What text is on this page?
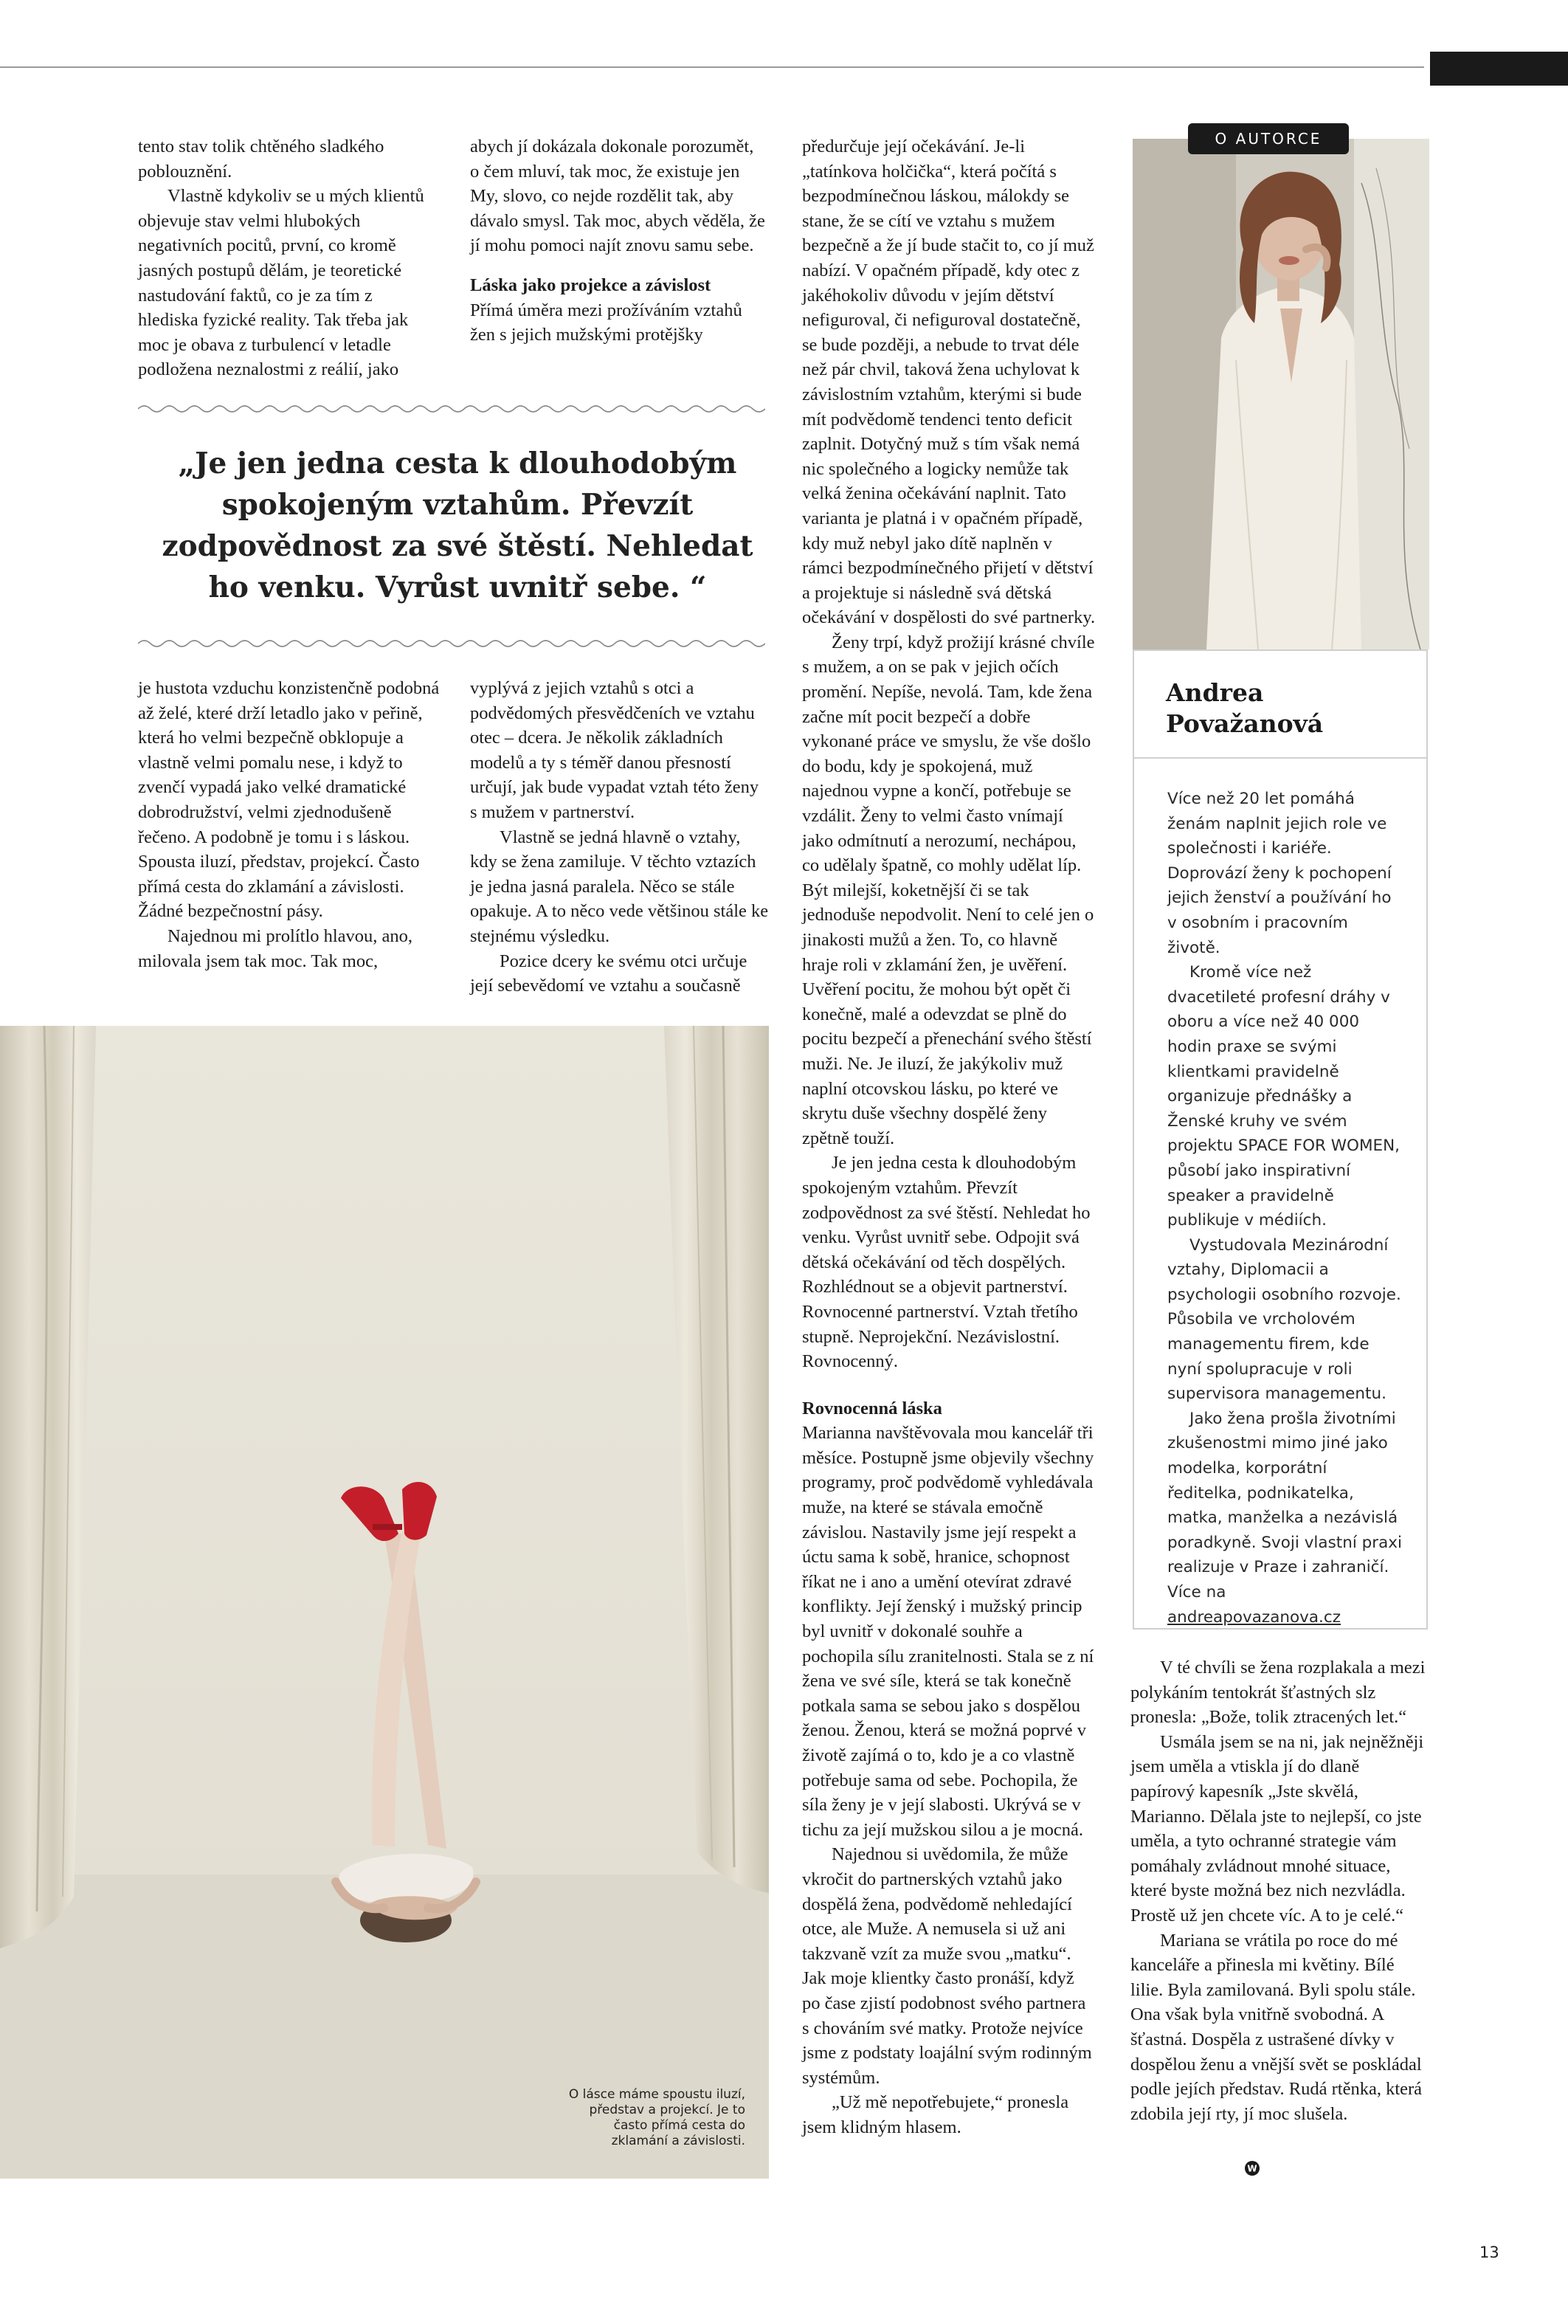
tento stav tolik chtěného sladkého poblouznění.

Vlastně kdykoliv se u mých klientů objevuje stav velmi hlubokých negativních pocitů, první, co kromě jasných postupů dělám, je teoretické nastudování faktů, co je za tím z hlediska fyzické reality. Tak třeba jak moc je obava z turbulencí v letadle podložena neznalostmi z reálií, jako

abych jí dokázala dokonale porozumět, o čem mluví, tak moc, že existuje jen My, slovo, co nejde rozdělit tak, aby dávalo smysl. Tak moc, abych věděla, že jí mohu pomoci najít znovu samu sebe.

Láska jako projekce a závislost

Přímá úměra mezi prožíváním vztahů žen s jejich mužskými protějšky

„Je jen jedna cesta k dlouhodobým spokojeným vztahům. Převzít zodpovědnost za své štěstí. Nehledat ho venku. Vyrůst uvnitř sebe. “

je hustota vzduchu konzistenčně podobná až želé, které drží letadlo jako v peřině, která ho velmi bezpečně obklopuje a vlastně velmi pomalu nese, i když to zvenčí vypadá jako velké dramatické dobrodružství, velmi zjednodušeně řečeno. A podobně je tomu i s láskou. Spousta iluzí, představ, projekcí. Často přímá cesta do zklamání a závislosti. Žádné bezpečnostní pásy.

Najednou mi prolítlo hlavou, ano, milovala jsem tak moc. Tak moc,

vyplývá z jejich vztahů s otci a podvědomých přesvědčeních ve vztahu otec – dcera. Je několik základních modelů a ty s téměř danou přesností určují, jak bude vypadat vztah této ženy s mužem v partnerství.

Vlastně se jedná hlavně o vztahy, kdy se žena zamiluje. V těchto vztazích je jedna jasná paralela. Něco se stále opakuje. A to něco vede většinou stále ke stejnému výsledku.

Pozice dcery ke svému otci určuje její sebevědomí ve vztahu a současně

předurčuje její očekávání. Je-li „tatínkova holčička“, která počítá s bezpodmínečnou láskou, málokdy se stane, že se cítí ve vztahu s mužem bezpečně a že jí bude stačit to, co jí muž nabízí. V opačném případě, kdy otec z jakéhokoliv důvodu v jejím dětství nefiguroval, či nefiguroval dostatečně, se bude později, a nebude to trvat déle než pár chvil, taková žena uchylovat k závislostním vztahům, kterými si bude mít podvědomě tendenci tento deficit zaplnit. Dotyčný muž s tím však nemá nic společného a logicky nemůže tak velká ženina očekávání naplnit. Tato varianta je platná i v opačném případě, kdy muž nebyl jako dítě naplněn v rámci bezpodmínečného přijetí v dětství a projektuje si následně svá dětská očekávání v dospělosti do své partnerky.

Ženy trpí, když prožijí krásné chvíle s mužem, a on se pak v jejich očích promění. Nepíše, nevolá. Tam, kde žena začne mít pocit bezpečí a dobře vykonané práce ve smyslu, že vše došlo do bodu, kdy je spokojená, muž najednou vypne a končí, potřebuje se vzdálit. Ženy to velmi často vnímají jako odmítnutí a nerozumí, nechápou, co udělaly špatně, co mohly udělat líp. Být milejší, koketnější či se tak jednoduše nepodvolit. Není to celé jen o jinakosti mužů a žen. To, co hlavně hraje roli v zklamání žen, je uvěření. Uvěření pocitu, že mohou být opět či konečně, malé a odevzdat se plně do pocitu bezpečí a přenechání svého štěstí muži. Ne. Je iluzí, že jakýkoliv muž naplní otcovskou lásku, po které ve skrytu duše všechny dospělé ženy zpětně touží.

Je jen jedna cesta k dlouhodobým spokojeným vztahům. Převzít zodpovědnost za své štěstí. Nehledat ho venku. Vyrůst uvnitř sebe. Odpojit svá dětská očekávání od těch dospělých. Rozhlédnout se a objevit partnerství. Rovnocenné partnerství. Vztah třetího stupně. Neprojekční. Nezávislostní. Rovnocenný.

Rovnocenná láska

Marianna navštěvovala mou kancelář tři měsíce. Postupně jsme objevily všechny programy, proč podvědomě vyhledávala muže, na které se stávala emočně závislou. Nastavily jsme její respekt a úctu sama k sobě, hranice, schopnost říkat ne i ano a umění otevírat zdravé konflikty. Její ženský i mužský princip byl uvnitř v dokonalé souhře a pochopila sílu zranitelnosti. Stala se z ní žena ve své síle, která se tak konečně potkala sama se sebou jako s dospělou ženou. Ženou, která se možná poprvé v životě zajímá o to, kdo je a co vlastně potřebuje sama od sebe. Pochopila, že síla ženy je v její slabosti. Ukrývá se v tichu za její mužskou silou a je mocná.

Najednou si uvědomila, že může vkročit do partnerských vztahů jako dospělá žena, podvědomě nehledající otce, ale Muže. A nemusela si už ani takzvaně vzít za muže svou „matku“. Jak moje klientky často pronáší, když po čase zjistí podobnost svého partnera s chováním své matky. Protože nejvíce jsme z podstaty loajální svým rodinným systémům.

„Už mě nepotřebujete,“ pronesla jsem klidným hlasem.

O lásce máme spoustu iluzí, představ a projekcí. Je to často přímá cesta do zklamání a závislosti.

V té chvíli se žena rozplakala a mezi polykáním tentokrát šťastných slz pronesla: „Bože, tolik ztracených let.“

Usmála jsem se na ni, jak nejněžněji jsem uměla a vtiskla jí do dlaně papírový kapesník „Jste skvělá, Marianno. Dělala jste to nejlepší, co jste uměla, a tyto ochranné strategie vám pomáhaly zvládnout mnohé situace, které byste možná bez nich nezvládla. Prostě už jen chcete víc. A to je celé.“

Mariana se vrátila po roce do mé kanceláře a přinesla mi květiny. Bílé lilie. Byla zamilovaná. Byli spolu stále. Ona však byla vnitřně svobodná. A šťastná. Dospěla z ustrašené dívky v dospělou ženu a vnější svět se poskládal podle jejích představ. Rudá rtěnka, která zdobila její rty, jí moc slušela.

W
O AUTORCE
Andrea
Považanová

Více než 20 let pomáhá ženám naplnit jejich role ve společnosti i kariéře. Doprovází ženy k pochopení jejich ženství a používání ho v osobním i pracovním životě.

Kromě více než dvacetileté profesní dráhy v oboru a více než 40 000 hodin praxe se svými klientkami pravidelně organizuje přednášky a Ženské kruhy ve svém projektu SPACE FOR WOMEN, působí jako inspirativní speaker a pravidelně publikuje v médiích.

Vystudovala Mezinárodní vztahy, Diplomacii a psychologii osobního rozvoje. Působila ve vrcholovém managementu firem, kde nyní spolupracuje v roli supervisora managementu.

Jako žena prošla životními zkušenostmi mimo jiné jako modelka, korporátní ředitelka, podnikatelka, matka, manželka a nezávislá poradkyně. Svoji vlastní praxi realizuje v Praze i zahraničí. Více na andreapovazanova.cz

13
